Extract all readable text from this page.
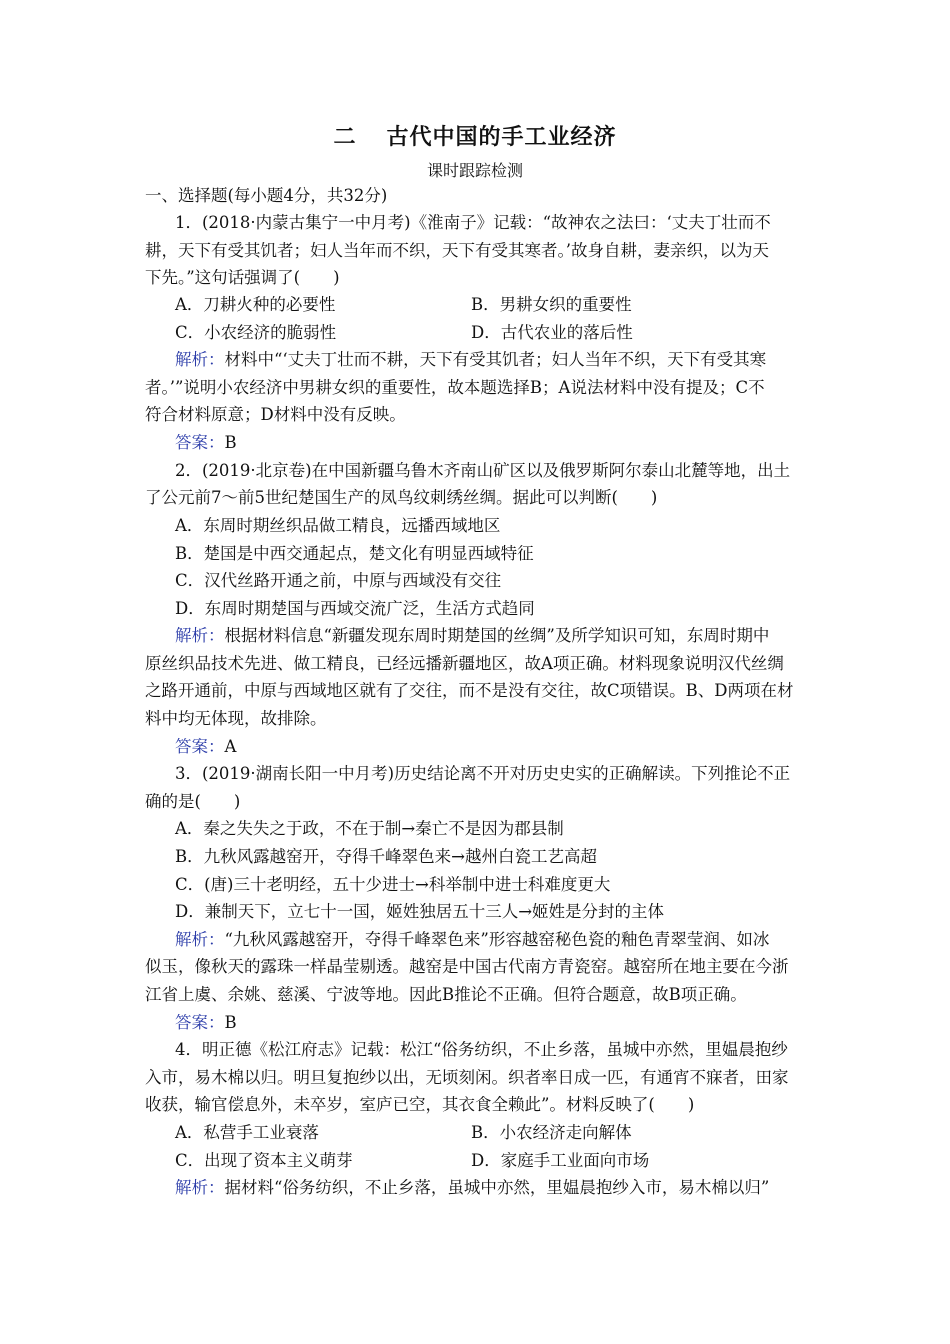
二 古代中国的手工业经济
课时跟踪检测
一、选择题(每小题4分，共32分)
1．(2018·内蒙古集宁一中月考)《淮南子》记载：“故神农之法曰：‘丈夫丁壮而不
耕，天下有受其饥者；妇人当年而不织，天下有受其寒者。’故身自耕，妻亲织，以为天
下先。”这句话强调了(　　)
A．刀耕火种的必要性	B．男耕女织的重要性
C．小农经济的脆弱性	D．古代农业的落后性
解析：材料中“‘丈夫丁壮而不耕，天下有受其饥者；妇人当年不织，天下有受其寒
者。’”说明小农经济中男耕女织的重要性，故本题选择B；A说法材料中没有提及；C不
符合材料原意；D材料中没有反映。
答案：B
2．(2019·北京卷)在中国新疆乌鲁木齐南山矿区以及俄罗斯阿尔泰山北麓等地，出土
了公元前7～前5世纪楚国生产的凤鸟纹刺绣丝绸。据此可以判断(　　)
A．东周时期丝织品做工精良，远播西域地区
B．楚国是中西交通起点，楚文化有明显西域特征
C．汉代丝路开通之前，中原与西域没有交往
D．东周时期楚国与西域交流广泛，生活方式趋同
解析：根据材料信息“新疆发现东周时期楚国的丝绸”及所学知识可知，东周时期中
原丝织品技术先进、做工精良，已经远播新疆地区，故A项正确。材料现象说明汉代丝绸
之路开通前，中原与西域地区就有了交往，而不是没有交往，故C项错误。B、D两项在材
料中均无体现，故排除。
答案：A
3．(2019·湖南长阳一中月考)历史结论离不开对历史史实的正确解读。下列推论不正
确的是(　　)
A．秦之失失之于政，不在于制→秦亡不是因为郡县制
B．九秋风露越窑开，夺得千峰翠色来→越州白瓷工艺高超
C．(唐)三十老明经，五十少进士→科举制中进士科难度更大
D．兼制天下，立七十一国，姬姓独居五十三人→姬姓是分封的主体
解析：“九秋风露越窑开，夺得千峰翠色来”形容越窑秘色瓷的釉色青翠莹润、如冰
似玉，像秋天的露珠一样晶莹剔透。越窑是中国古代南方青瓷窑。越窑所在地主要在今浙
江省上虞、余姚、慈溪、宁波等地。因此B推论不正确。但符合题意，故B项正确。
答案：B
4．明正德《松江府志》记载：松江“俗务纺织，不止乡落，虽城中亦然，里媪晨抱纱
入市，易木棉以归。明旦复抱纱以出，无顷刻闲。织者率日成一匹，有通宵不寐者，田家
收获，输官偿息外，未卒岁，室庐已空，其衣食全赖此”。材料反映了(　　)
A．私营手工业衰落	B．小农经济走向解体
C．出现了资本主义萌芽	D．家庭手工业面向市场
解析：据材料“俗务纺织，不止乡落，虽城中亦然，里媪晨抱纱入市，易木棉以归”
